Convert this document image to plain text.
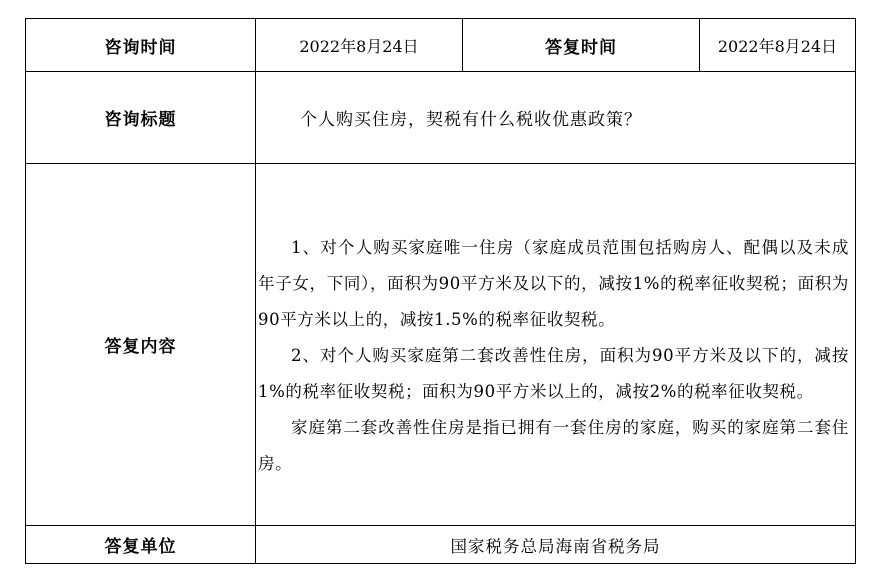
咨询时间	2022年8月24日	答复时间	2022年8月24日
咨询标题	个人购买住房，契税有什么税收优惠政策？		
答复内容	1、对个人购买家庭唯一住房（家庭成员范围包括购房人、配偶以及未成年子女，下同），面积为90平方米及以下的，减按1%的税率征收契税；面积为90平方米以上的，减按1.5%的税率征收契税。

2、对个人购买家庭第二套改善性住房，面积为90平方米及以下的，减按1%的税率征收契税；面积为90平方米以上的，减按2%的税率征收契税。

家庭第二套改善性住房是指已拥有一套住房的家庭，购买的家庭第二套住房。		

答复单位	国家税务总局海南省税务局		
